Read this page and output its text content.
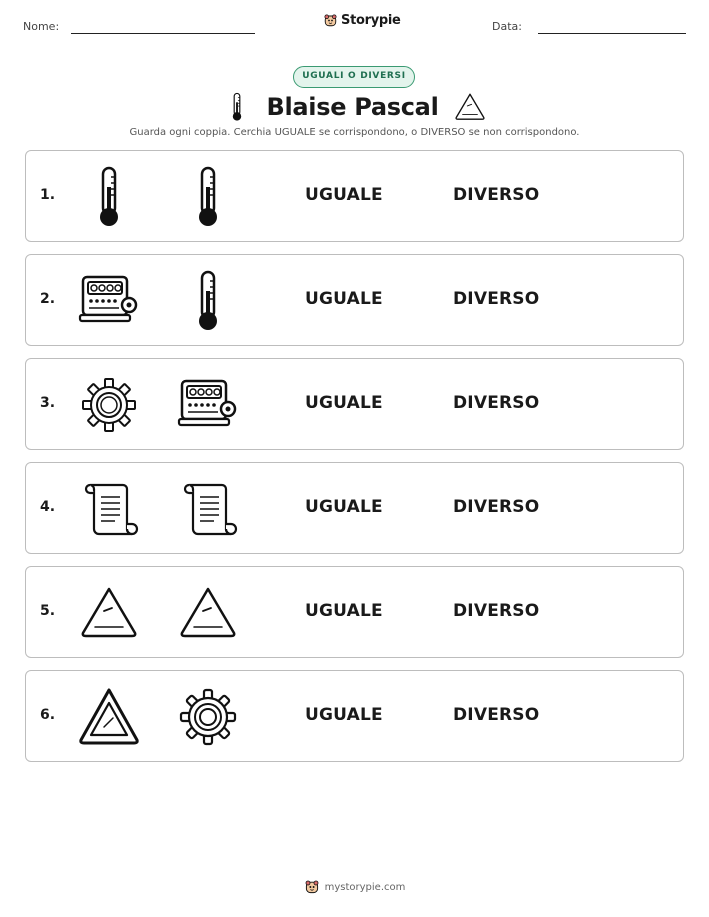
Nome:	Storypie	Data:
UGUALI O DIVERSI
Blaise Pascal
Guarda ogni coppia. Cerchia UGUALE se corrispondono, o DIVERSO se non corrispondono.
1.	UGUALE	DIVERSO
2.	UGUALE	DIVERSO
3.	UGUALE	DIVERSO
4.	UGUALE	DIVERSO
5.	UGUALE	DIVERSO
6.	UGUALE	DIVERSO
mystorypie.com
